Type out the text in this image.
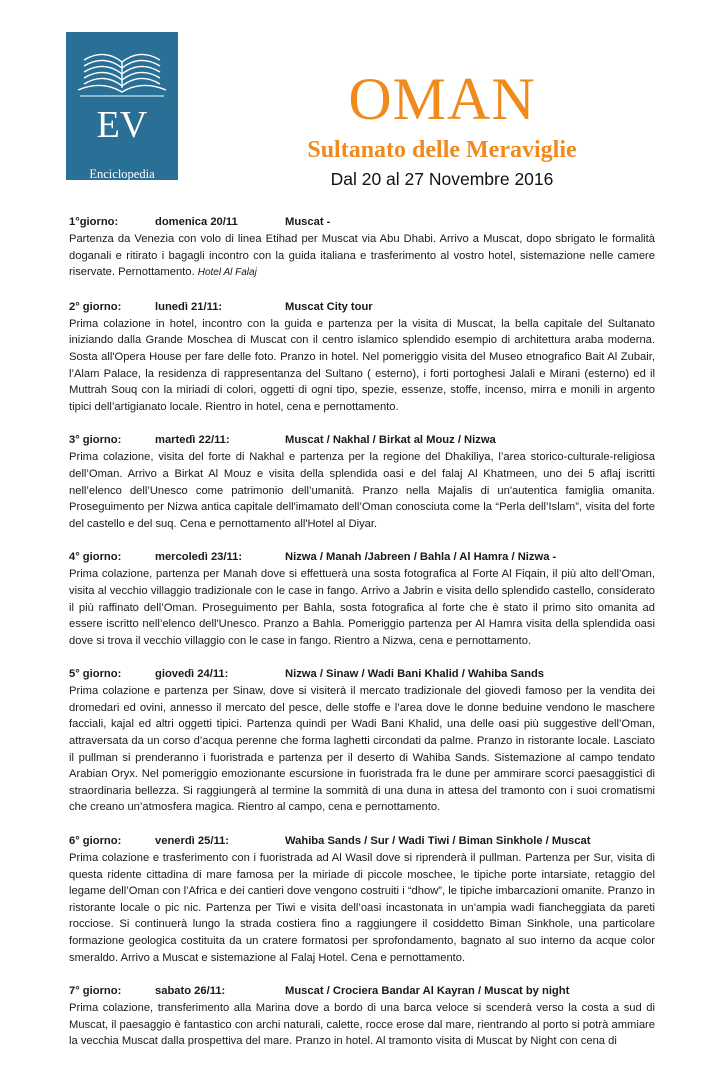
EV
Enciclopedia
del viaggio
OMAN
Sultanato delle Meraviglie
Dal 20 al 27 Novembre 2016
1°giorno:	domenica 20/11	Muscat -

Partenza da Venezia con volo di linea Etihad per Muscat via Abu Dhabi. Arrivo a Muscat, dopo sbrigato le formalità doganali e ritirato i bagagli incontro con la guida italiana e trasferimento al vostro hotel, sistemazione nelle camere riservate. Pernottamento. Hotel Al Falaj

2° giorno:	lunedì 21/11:	Muscat City tour

Prima colazione in hotel, incontro con la guida e partenza per la visita di Muscat, la bella capitale del Sultanato iniziando dalla Grande Moschea di Muscat con il centro islamico splendido esempio di architettura araba moderna. Sosta all'Opera House per fare delle foto. Pranzo in hotel. Nel pomeriggio visita del Museo etnografico Bait Al Zubair, l’Alam Palace, la residenza di rappresentanza del Sultano ( esterno), i forti portoghesi Jalali e Mirani (esterno) ed il Muttrah Souq con la miriadi di colori, oggetti di ogni tipo, spezie, essenze, stoffe, incenso, mirra e monili in argento tipici dell’artigianato locale. Rientro in hotel, cena e pernottamento.

3° giorno:	martedì 22/11:	Muscat / Nakhal / Birkat al Mouz / Nizwa

Prima colazione, visita del forte di Nakhal e partenza per la regione del Dhakiliya, l’area storico-culturale-religiosa dell’Oman. Arrivo a Birkat Al Mouz e visita della splendida oasi e del falaj Al Khatmeen, uno dei 5 aflaj iscritti nell’elenco dell’Unesco come patrimonio dell’umanità. Pranzo nella Majalis di un'autentica famiglia omanita. Proseguimento per Nizwa antica capitale dell'imamato dell’Oman conosciuta come la “Perla dell’Islam”, visita del forte del castello e del suq. Cena e pernottamento all'Hotel al Diyar.

4° giorno:	mercoledì 23/11:	Nizwa / Manah /Jabreen / Bahla / Al Hamra / Nizwa -

Prima colazione, partenza per Manah dove si effettuerà una sosta fotografica al Forte Al Fiqain, il più alto dell’Oman, visita al vecchio villaggio tradizionale con le case in fango. Arrivo a Jabrin e visita dello splendido castello, considerato il più raffinato dell’Oman. Proseguimento per Bahla, sosta fotografica al forte che è stato il primo sito omanita ad essere iscritto nell’elenco dell'Unesco. Pranzo a Bahla. Pomeriggio partenza per Al Hamra visita della splendida oasi dove si trova il vecchio villaggio con le case in fango. Rientro a Nizwa, cena e pernottamento.

5° giorno:	giovedì 24/11:	Nizwa / Sinaw / Wadi Bani Khalid / Wahiba Sands

Prima colazione e partenza per Sinaw, dove si visiterà il mercato tradizionale del giovedì famoso per la vendita dei dromedari ed ovini, annesso il mercato del pesce, delle stoffe e l’area dove le donne beduine vendono le maschere facciali, kajal ed altri oggetti tipici. Partenza quindi per Wadi Bani Khalid, una delle oasi più suggestive dell’Oman, attraversata da un corso d’acqua perenne che forma laghetti circondati da palme. Pranzo in ristorante locale. Lasciato il pullman si prenderanno i fuoristrada e partenza per il deserto di Wahiba Sands. Sistemazione al campo tendato Arabian Oryx. Nel pomeriggio emozionante escursione in fuoristrada fra le dune per ammirare scorci paesaggistici di straordinaria bellezza. Si raggiungerà al termine la sommità di una duna in attesa del tramonto con i suoi cromatismi che creano un’atmosfera magica. Rientro al campo, cena e pernottamento.

6° giorno:	venerdì 25/11:	Wahiba Sands / Sur / Wadi Tiwi / Biman Sinkhole / Muscat

Prima colazione e trasferimento con i fuoristrada ad Al Wasil dove si riprenderà il pullman. Partenza per Sur, visita di questa ridente cittadina di mare famosa per la miriade di piccole moschee, le tipiche porte intarsiate, retaggio del legame dell’Oman con l’Africa e dei cantieri dove vengono costruiti i “dhow”, le tipiche imbarcazioni omanite. Pranzo in ristorante locale o pic nic. Partenza per Tiwi e visita dell’oasi incastonata in un’ampia wadi fiancheggiata da pareti rocciose. Si continuerà lungo la strada costiera fino a raggiungere il cosiddetto Biman Sinkhole, una particolare formazione geologica costituita da un cratere formatosi per sprofondamento, bagnato al suo interno da acque color smeraldo. Arrivo a Muscat e sistemazione al Falaj Hotel. Cena e pernottamento.

7° giorno:	sabato 26/11:	Muscat / Crociera Bandar Al Kayran / Muscat by night

Prima colazione, transferimento alla Marina dove a bordo di una barca veloce si scenderà verso la costa a sud di Muscat, il paesaggio è fantastico con archi naturali, calette, rocce erose dal mare, rientrando al porto si potrà ammiare la vecchia Muscat dalla prospettiva del mare. Pranzo in hotel. Al tramonto visita di Muscat by Night con cena di
